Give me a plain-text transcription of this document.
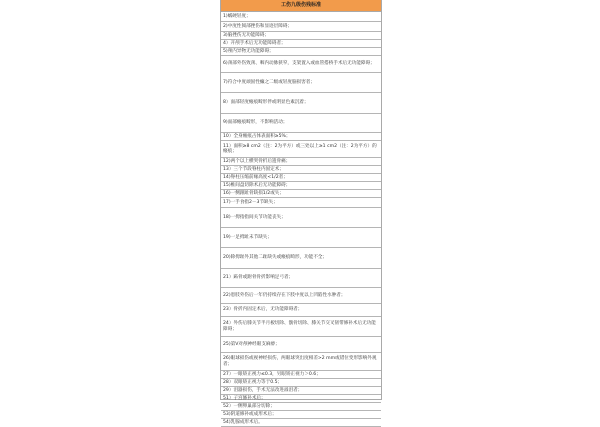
工伤九级伤残标准
1)蠕硬轻度；
2)中度性阅部挫伤和显迹层障碍；
3)脑挫伤无功能障碍；
4）开颅手术后无功能障碍者；
5)颅内异物无功能障碍；
6)颈部外伤致颈、咽内动脉狭窄，支架置入或血管搭桥手术后无功能障碍；
7)符合中度顽固性癫之二级或轻度脑损害者；
8）面部轻度瘢痕畸形伴或明显色素沉着；
9)面部瘢痕畸形，不影响活动；
10）全身瘢痕占体表面积≥5%；
11）面积≥8 cm2（注：2为平方）或三处以上≥1 cm2（注：2为平方）的瘢痕；
12)两个以上横突骨折后遗骨痛；
13）三个节段脊柱内固定术；
14)脊柱压缩前缘高度<1/2者；
15)椎间盘切除术后无功能障碍；
16)一侧跟趾骨缺损1/2或失；
17)一手食指2－3节缺失；
18)一拇指指间关节功能丧失；
19)一足拇趾末节缺失；
20)除拇趾外其他二趾缺失或瘢痕畸形，功能不全；
21）跖骨或跗骨骨折影响足弓者；
22)患肢外伤后一年仍持续存在下肢中度以上凹陷性水肿者；
23）骨折内固定术后，无功能障碍者；
24）外伤后膝关节半月板切除、髌骨切除、膝关节交叉韧带修补术后无功能障碍；
25)第V对颅神经眼支麻痹；
26)眼球损伤或视神经损伤，两眼球突出度相差>2 mm或错位变形影响外观者；
27）一眼矫正视力≤0.3，另眼矫正视力＞0.6；
28）双眼矫正视力等于0.5；
29）泪器损伤，手术无法改进溢泪者；
51）子宫修补术后；
52）一侧卵巢部分切除；
53)阴道修补或成形术后；
54)乳腺成形术后。
